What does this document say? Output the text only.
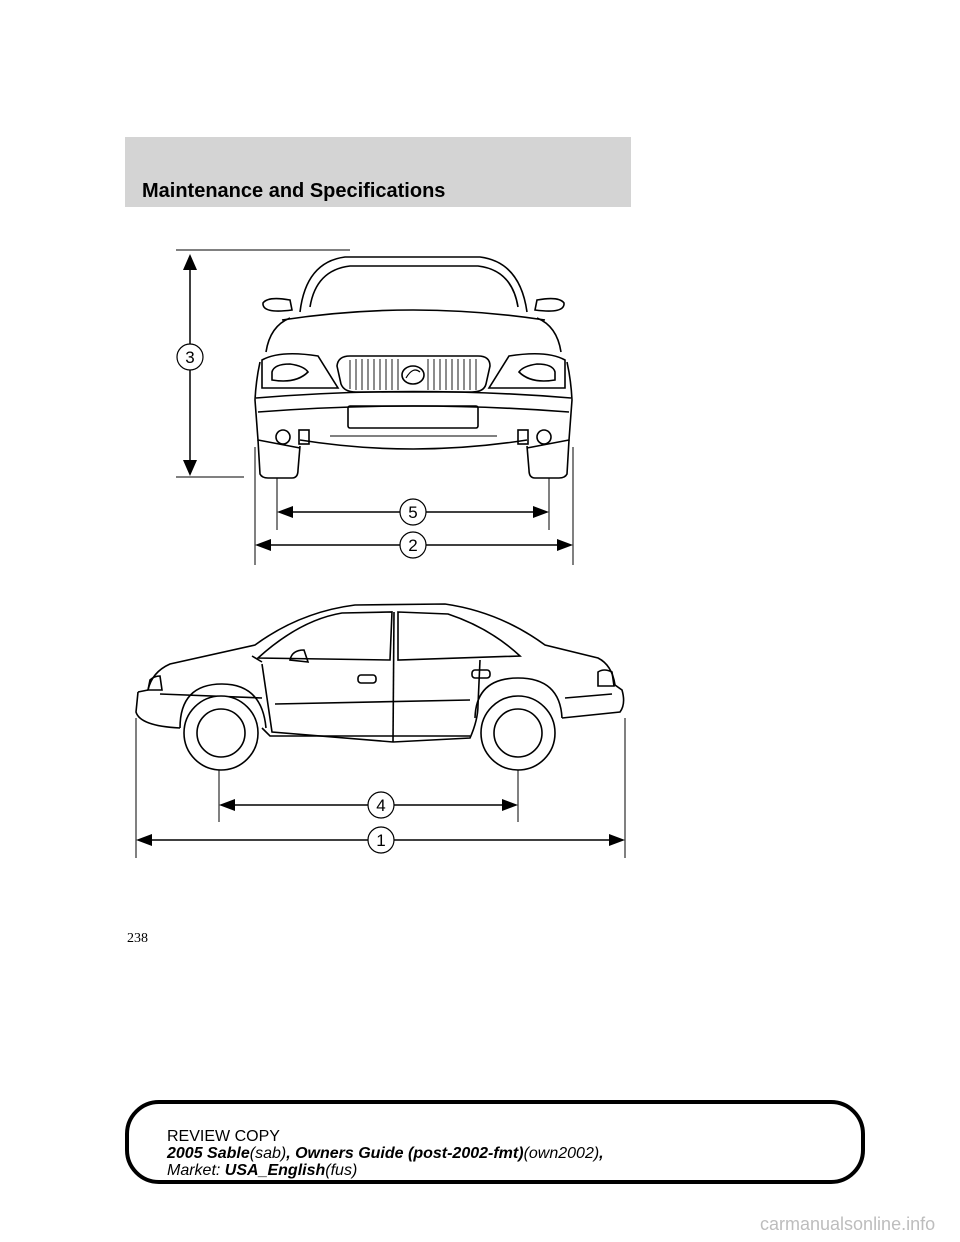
Maintenance and Specifications
3
5
2
4
1
238
REVIEW COPY
2005 Sable(sab), Owners Guide (post-2002-fmt)(own2002),
Market: USA_English(fus)
carmanualsonline.info
